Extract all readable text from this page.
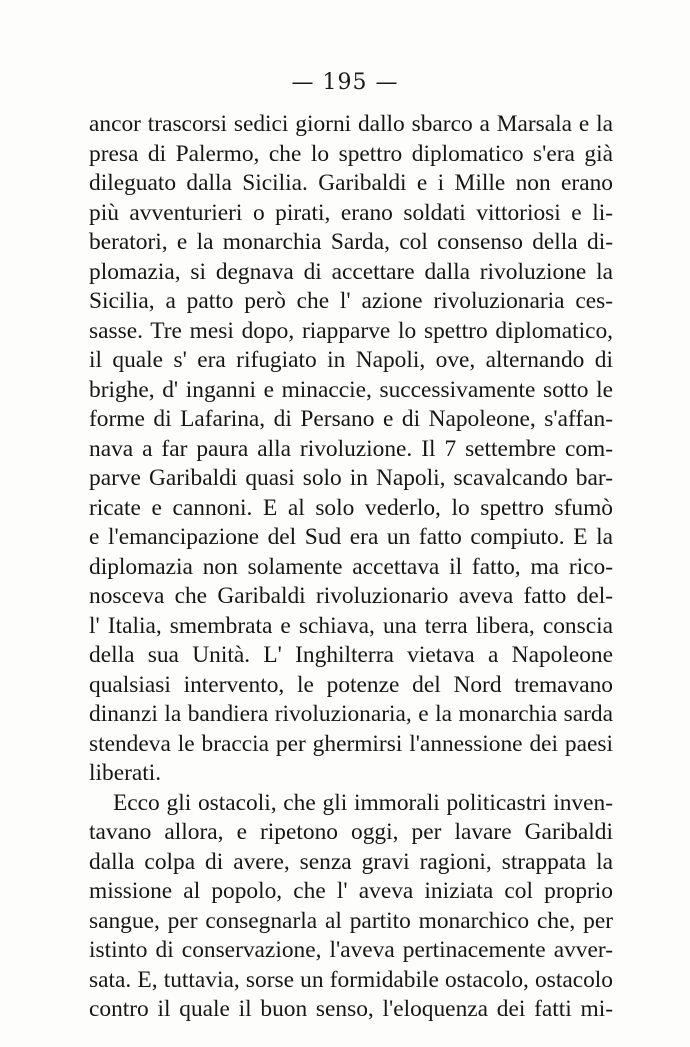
— 195 —
ancor trascorsi sedici giorni dallo sbarco a Marsala e la
presa di Palermo, che lo spettro diplomatico s'era già
dileguato dalla Sicilia. Garibaldi e i Mille non erano
più avventurieri o pirati, erano soldati vittoriosi e li-
beratori, e la monarchia Sarda, col consenso della di-
plomazia, si degnava di accettare dalla rivoluzione la
Sicilia, a patto però che l' azione rivoluzionaria ces-
sasse. Tre mesi dopo, riapparve lo spettro diplomatico,
il quale s' era rifugiato in Napoli, ove, alternando di
brighe, d' inganni e minaccie, successivamente sotto le
forme di Lafarina, di Persano e di Napoleone, s'affan-
nava a far paura alla rivoluzione. Il 7 settembre com-
parve Garibaldi quasi solo in Napoli, scavalcando bar-
ricate e cannoni. E al solo vederlo, lo spettro sfumò
e l'emancipazione del Sud era un fatto compiuto. E la
diplomazia non solamente accettava il fatto, ma rico-
nosceva che Garibaldi rivoluzionario aveva fatto del-
l' Italia, smembrata e schiava, una terra libera, conscia
della sua Unità. L' Inghilterra vietava a Napoleone
qualsiasi intervento, le potenze del Nord tremavano
dinanzi la bandiera rivoluzionaria, e la monarchia sarda
stendeva le braccia per ghermirsi l'annessione dei paesi
liberati.
Ecco gli ostacoli, che gli immorali politicastri inven-
tavano allora, e ripetono oggi, per lavare Garibaldi
dalla colpa di avere, senza gravi ragioni, strappata la
missione al popolo, che l' aveva iniziata col proprio
sangue, per consegnarla al partito monarchico che, per
istinto di conservazione, l'aveva pertinacemente avver-
sata. E, tuttavia, sorse un formidabile ostacolo, ostacolo
contro il quale il buon senso, l'eloquenza dei fatti mi-
